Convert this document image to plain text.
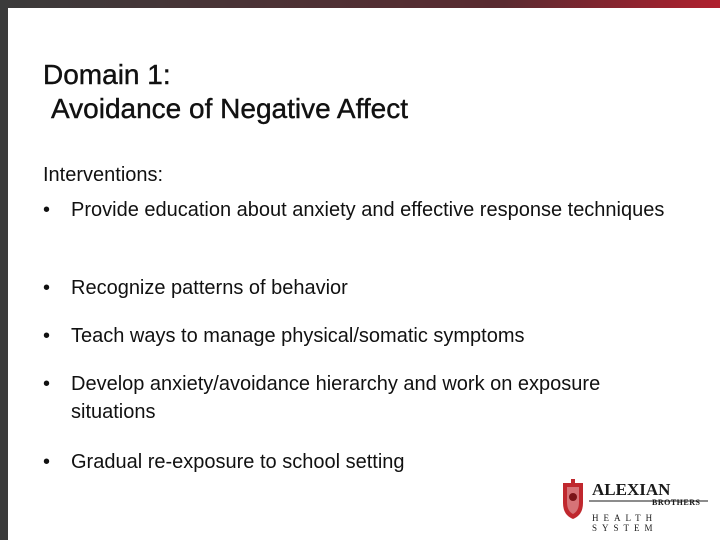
Domain 1:
Avoidance of Negative Affect
Interventions:
•	Provide education about anxiety and effective response techniques
•	Recognize patterns of behavior
•	Teach ways to manage physical/somatic symptoms
•	Develop anxiety/avoidance hierarchy and work on exposure situations
•	Gradual re-exposure to school setting
ALEXIAN
BROTHERS
HEALTH SYSTEM
